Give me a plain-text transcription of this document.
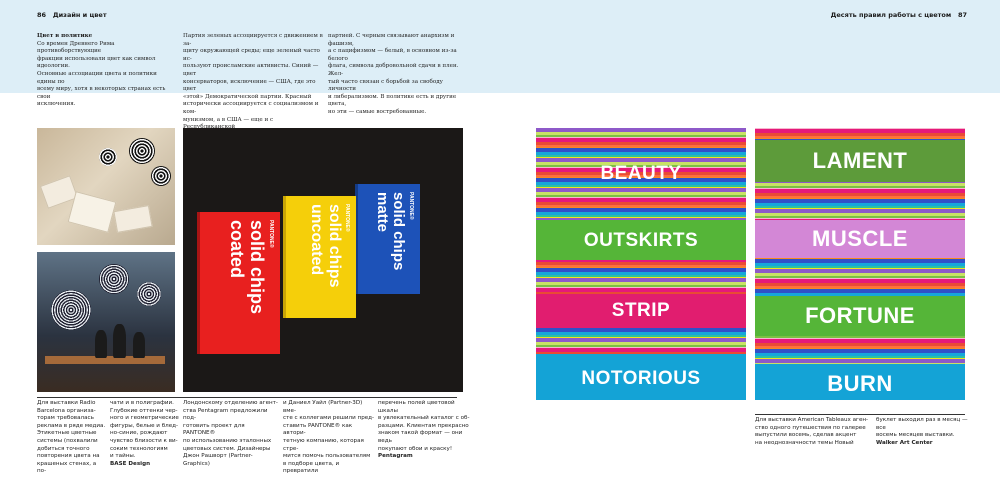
86 Дизайн и цвет	Десять правил работы с цветом 87
Цвет в политике
Со времен Древнего Рима противоборствующие
фракции использовали цвет как символ идеологии.
Основные ассоциации цвета и политики едины по
всему миру, хотя в некоторых странах есть свои
исключения.
Партия зеленых ассоциируется с движением в за-
щиту окружающей среды; еще зеленый часто ис-
пользуют происламские активисты. Синий — цвет
консерваторов, исключение — США, где это цвет
«этой» Демократической партии. Красный
исторически ассоциируется с социализмом и ком-
мунизмом, а в США — еще и с
партией. С черным связывают анархизм и фашизм,
а с пацифизмом — белый, в основном из-за белого
флага, символа добровольной сдачи в плен. Жел-
тый часто связан с борьбой за свободу личности
и либерализмом. В политике есть и другие цвета,
но эти — самые востребованные.
PANTONE®
solid chips
matte
PANTONE®
solid chips
uncoated
PANTONE®
solid chips
coated
BEAUTY
OUTSKIRTS
STRIP
NOTORIOUS
LAMENT
MUSCLE
FORTUNE
BURN
Для выставки Radio
Barcelona организа-
торам требовалась
реклама в ряде медиа.
Этикетные цветные
системы (похвалили
добиться точного
повторения цвета на
крашеных стенах, а по-
чати и в полиграфии.
Глубокие оттенки чер-
ного и геометрические
фигуры, белые и блед-
но-синие, рождают
чувство близости к ви-
соким технологиям
и тайны.
BASE Design
Лондонскому отделению агент-
ства Pentagram предложили под-
готовить проект для PANTONE®
по использованию эталонных
цветовых систем. Дизайнеры
Джон Рашворт (Partner-Graphics)
и Даниел Уайл (Partner-3D) вмe-
сте с коллегами решили пред-
ставить PANTONE® как автори-
тетную компанию, которая стре-
мится помочь пользователям
в подборе цвета, и превратили
перечень полей цветовой шкалы
в увлекательный каталог с об-
разцами. Клиентам прекрасно
знаком такой формат — они ведь
покупают обои и краску!
Pentagram
Для выставки American Tableaux аген-
ство одного путешествия по галерее
выпустили восемь, сделав акцент
на неоднозначности темы Новый
буклет выходил раз в месяц — все
восемь месяцев выставки.
Walker Art Center
